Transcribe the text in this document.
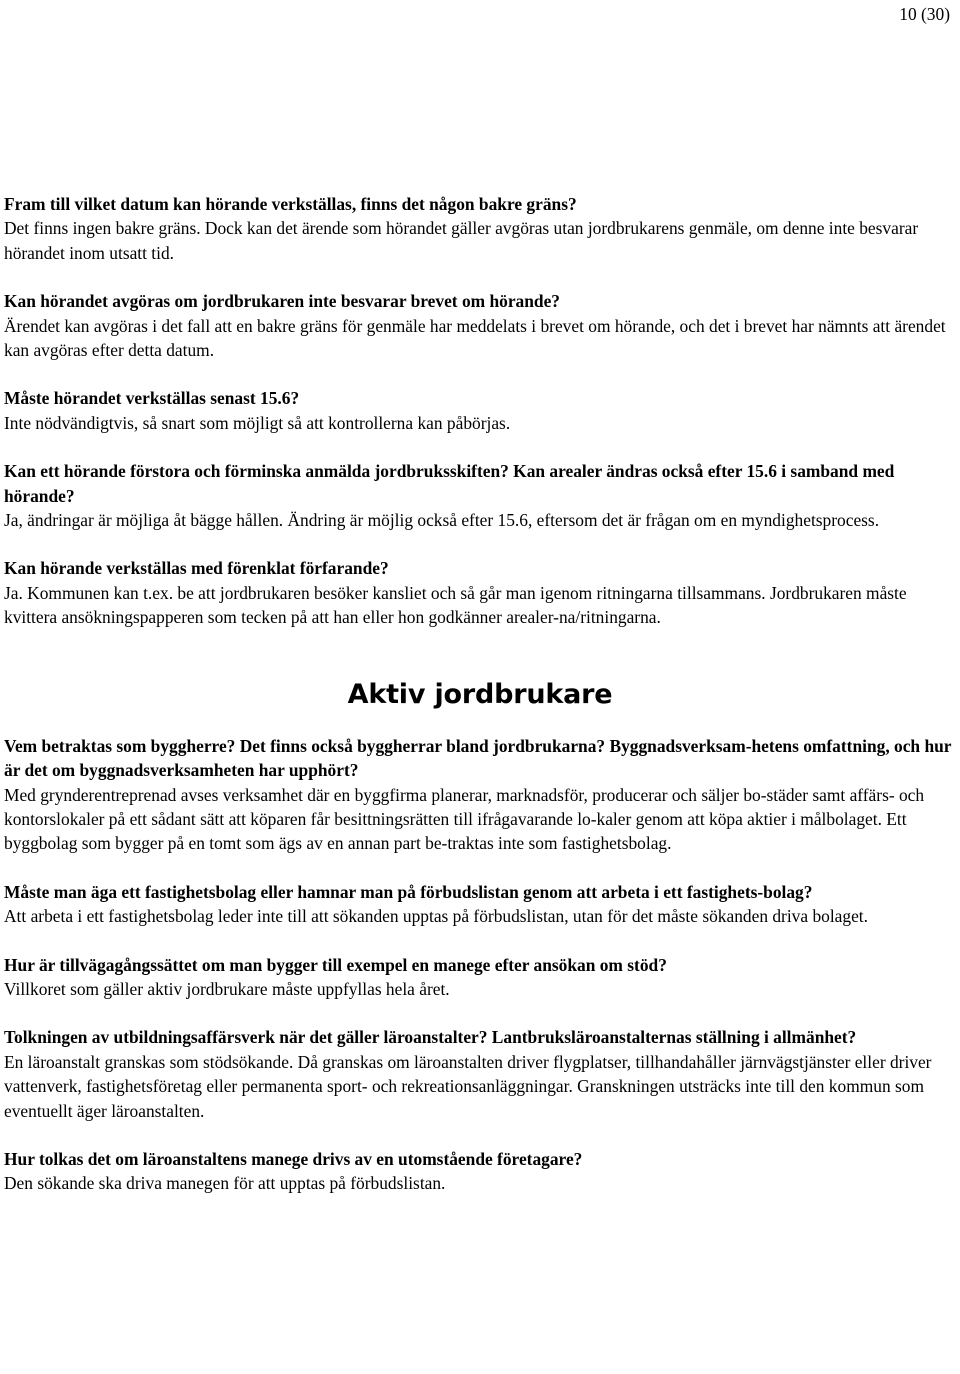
10 (30)

Fram till vilket datum kan hörande verkställas, finns det någon bakre gräns?

Det finns ingen bakre gräns. Dock kan det ärende som hörandet gäller avgöras utan jordbrukarens genmäle, om denne inte besvarar hörandet inom utsatt tid.

Kan hörandet avgöras om jordbrukaren inte besvarar brevet om hörande?

Ärendet kan avgöras i det fall att en bakre gräns för genmäle har meddelats i brevet om hörande, och det i brevet har nämnts att ärendet kan avgöras efter detta datum.

Måste hörandet verkställas senast 15.6?

Inte nödvändigtvis, så snart som möjligt så att kontrollerna kan påbörjas.

Kan ett hörande förstora och förminska anmälda jordbruksskiften? Kan arealer ändras också efter 15.6 i samband med hörande?

Ja, ändringar är möjliga åt bägge hållen. Ändring är möjlig också efter 15.6, eftersom det är frågan om en myndighetsprocess.

Kan hörande verkställas med förenklat förfarande?

Ja. Kommunen kan t.ex. be att jordbrukaren besöker kansliet och så går man igenom ritningarna tillsammans. Jordbrukaren måste kvittera ansökningspapperen som tecken på att han eller hon godkänner arealer-na/ritningarna.

Aktiv jordbrukare

Vem betraktas som byggherre? Det finns också byggherrar bland jordbrukarna? Byggnadsverksam-hetens omfattning, och hur är det om byggnadsverksamheten har upphört?

Med grynderentreprenad avses verksamhet där en byggfirma planerar, marknadsför, producerar och säljer bo-städer samt affärs- och kontorslokaler på ett sådant sätt att köparen får besittningsrätten till ifrågavarande lo-kaler genom att köpa aktier i målbolaget. Ett byggbolag som bygger på en tomt som ägs av en annan part be-traktas inte som fastighetsbolag.

Måste man äga ett fastighetsbolag eller hamnar man på förbudslistan genom att arbeta i ett fastighets-bolag?

Att arbeta i ett fastighetsbolag leder inte till att sökanden upptas på förbudslistan, utan för det måste sökanden driva bolaget.

Hur är tillvägagångssättet om man bygger till exempel en manege efter ansökan om stöd?

Villkoret som gäller aktiv jordbrukare måste uppfyllas hela året.

Tolkningen av utbildningsaffärsverk när det gäller läroanstalter? Lantbruksläroanstalternas ställning i allmänhet?

En läroanstalt granskas som stödsökande. Då granskas om läroanstalten driver flygplatser, tillhandahåller järnvägstjänster eller driver vattenverk, fastighetsföretag eller permanenta sport- och rekreationsanläggningar. Granskningen utsträcks inte till den kommun som eventuellt äger läroanstalten.

Hur tolkas det om läroanstaltens manege drivs av en utomstående företagare?

Den sökande ska driva manegen för att upptas på förbudslistan.
